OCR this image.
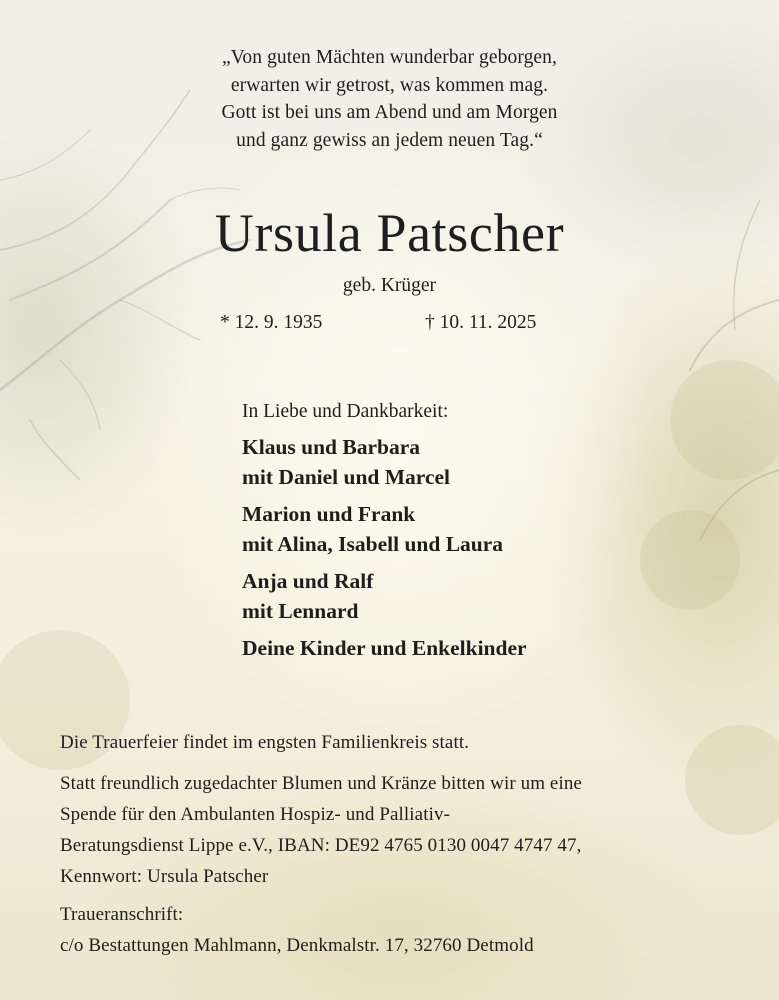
„Von guten Mächten wunderbar geborgen,
erwarten wir getrost, was kommen mag.
Gott ist bei uns am Abend und am Morgen
und ganz gewiss an jedem neuen Tag.“
Ursula Patscher
geb. Krüger
* 12. 9. 1935	† 10. 11. 2025
In Liebe und Dankbarkeit:
Klaus und Barbara
mit Daniel und Marcel
Marion und Frank
mit Alina, Isabell und Laura
Anja und Ralf
mit Lennard
Deine Kinder und Enkelkinder
Die Trauerfeier findet im engsten Familienkreis statt.
Statt freundlich zugedachter Blumen und Kränze bitten wir um eine
Spende für den Ambulanten Hospiz- und Palliativ-
Beratungsdienst Lippe e.V., IBAN: DE92 4765 0130 0047 4747 47,
Kennwort: Ursula Patscher
Traueranschrift:
c/o Bestattungen Mahlmann, Denkmalstr. 17, 32760 Detmold
